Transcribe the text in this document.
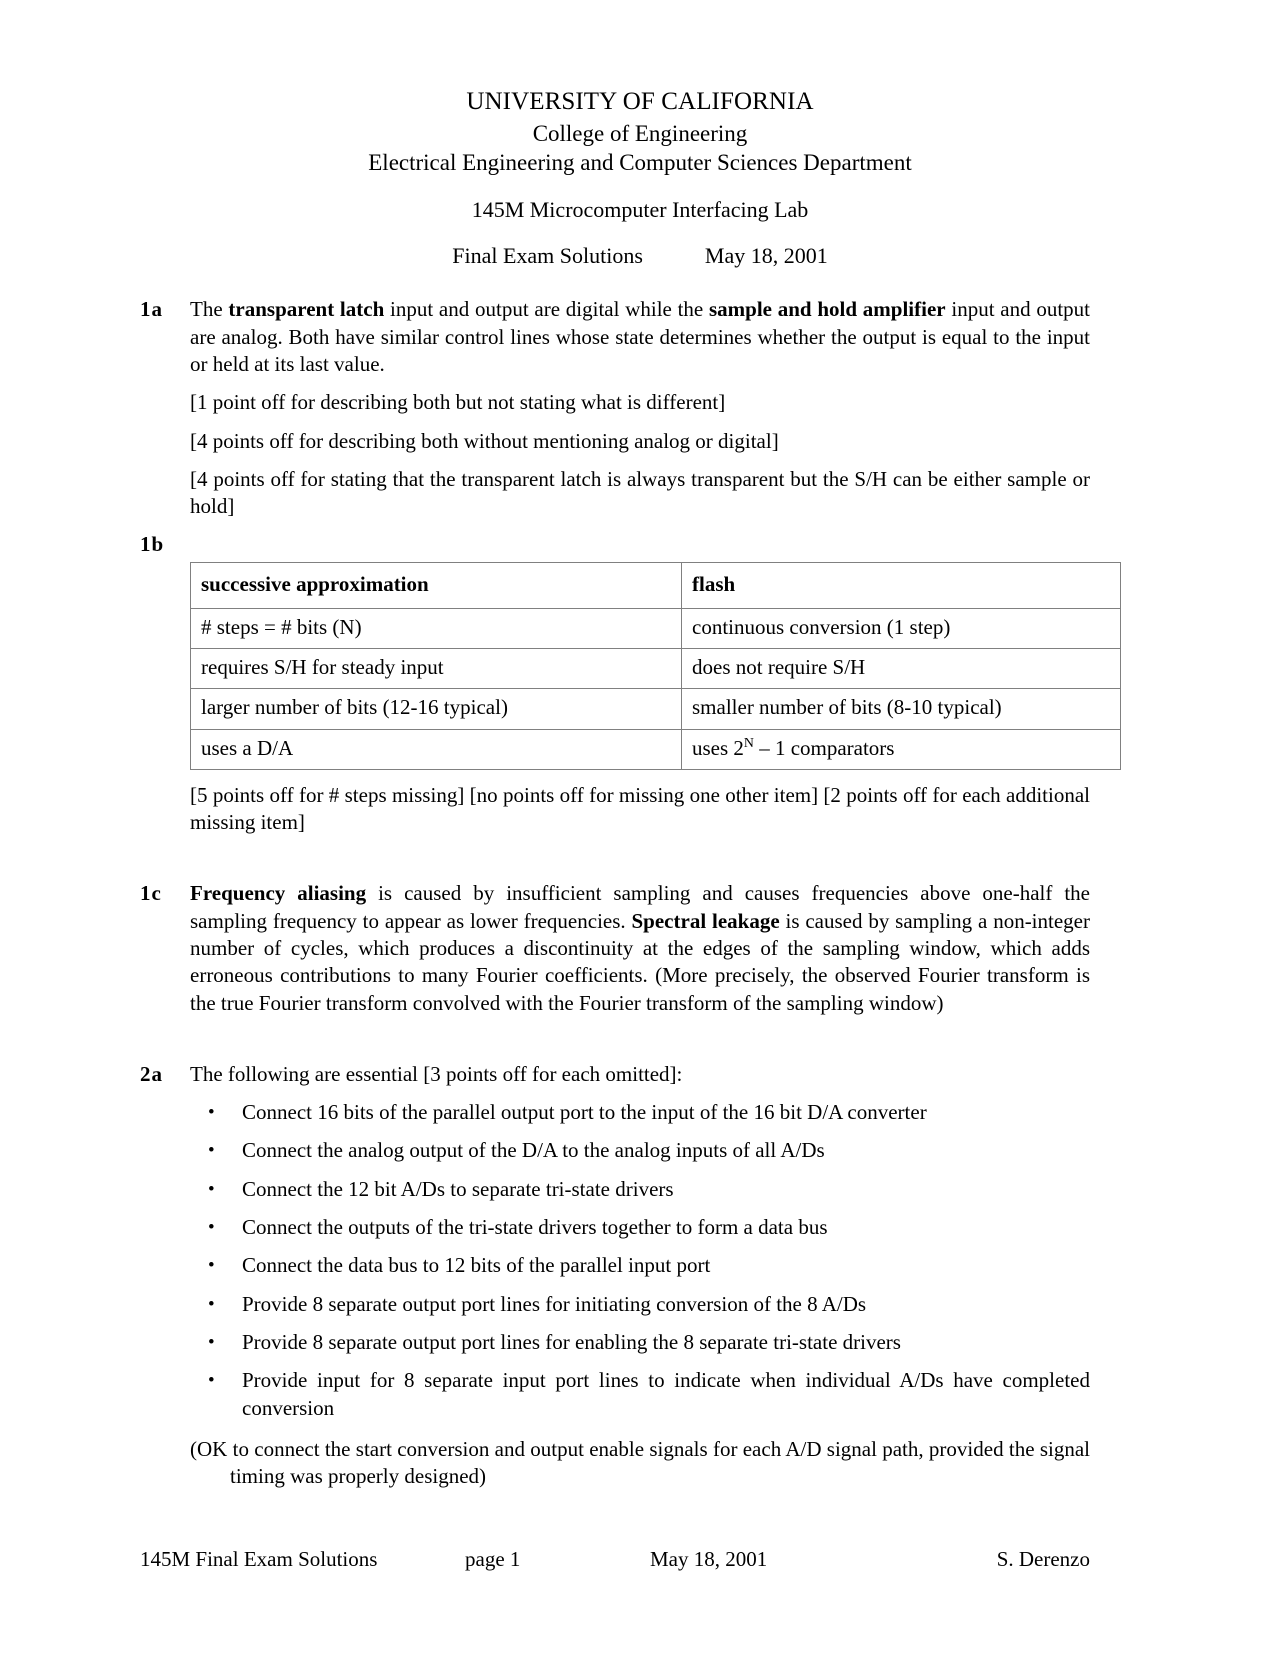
UNIVERSITY OF CALIFORNIA
College of Engineering
Electrical Engineering and Computer Sciences Department
145M Microcomputer Interfacing Lab
Final Exam Solutions	May 18, 2001
1a	The transparent latch input and output are digital while the sample and hold amplifier input and output are analog. Both have similar control lines whose state determines whether the output is equal to the input or held at its last value.
[1 point off for describing both but not stating what is different]
[4 points off for describing both without mentioning analog or digital]
[4 points off for stating that the transparent latch is always transparent but the S/H can be either sample or hold]
1b
successive approximation	flash
# steps = # bits (N)	continuous conversion (1 step)
requires S/H for steady input	does not require S/H
larger number of bits (12-16 typical)	smaller number of bits (8-10 typical)
uses a D/A	uses $2^N - 1$ comparators
[5 points off for # steps missing] [no points off for missing one other item] [2 points off for each additional missing item]
1c	Frequency aliasing is caused by insufficient sampling and causes frequencies above one-half the sampling frequency to appear as lower frequencies. Spectral leakage is caused by sampling a non-integer number of cycles, which produces a discontinuity at the edges of the sampling window, which adds erroneous contributions to many Fourier coefficients. (More precisely, the observed Fourier transform is the true Fourier transform convolved with the Fourier transform of the sampling window)
2a	The following are essential [3 points off for each omitted]:
• Connect 16 bits of the parallel output port to the input of the 16 bit D/A converter
• Connect the analog output of the D/A to the analog inputs of all A/Ds
• Connect the 12 bit A/Ds to separate tri-state drivers
• Connect the outputs of the tri-state drivers together to form a data bus
• Connect the data bus to 12 bits of the parallel input port
• Provide 8 separate output port lines for initiating conversion of the 8 A/Ds
• Provide 8 separate output port lines for enabling the 8 separate tri-state drivers
• Provide input for 8 separate input port lines to indicate when individual A/Ds have completed conversion
(OK to connect the start conversion and output enable signals for each A/D signal path, provided the signal timing was properly designed)
145M Final Exam Solutions	page 1	May 18, 2001	S. Derenzo
